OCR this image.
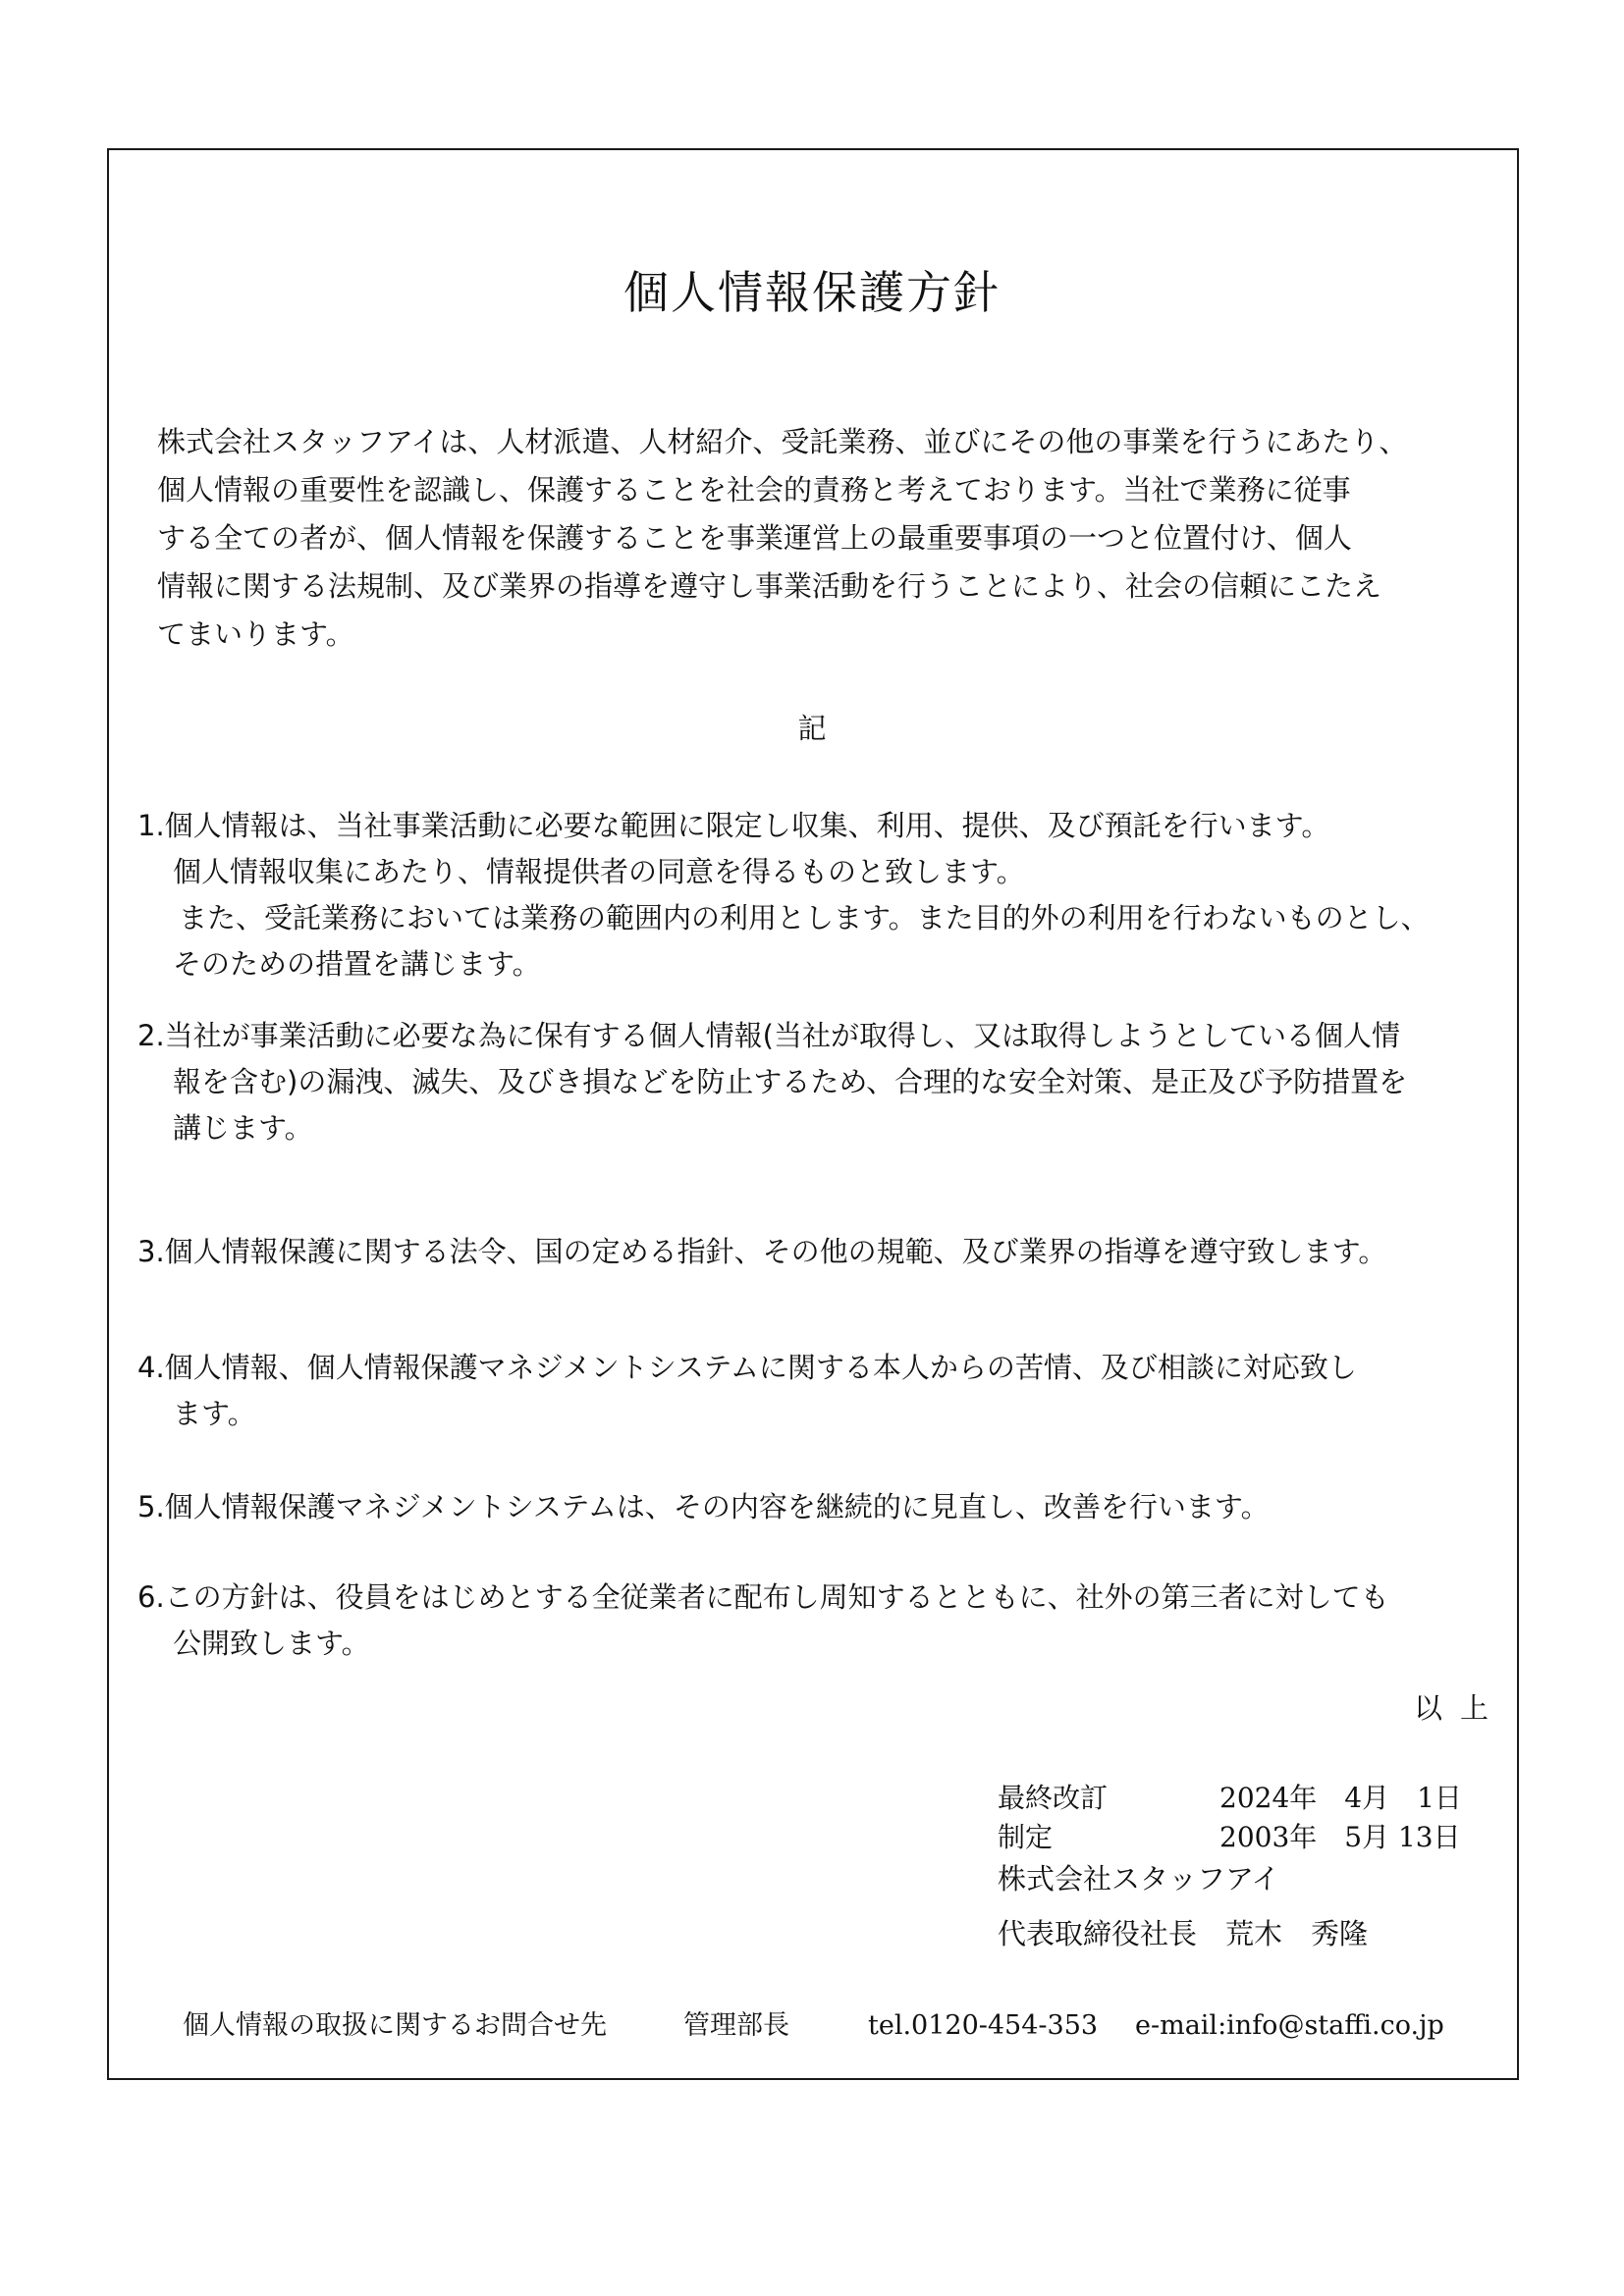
個人情報保護方針
株式会社スタッフアイは、人材派遣、人材紹介、受託業務、並びにその他の事業を行うにあたり、
個人情報の重要性を認識し、保護することを社会的責務と考えております。当社で業務に従事
する全ての者が、個人情報を保護することを事業運営上の最重要事項の一つと位置付け、個人
情報に関する法規制、及び業界の指導を遵守し事業活動を行うことにより、社会の信頼にこたえ
てまいります。
記
1.個人情報は、当社事業活動に必要な範囲に限定し収集、利用、提供、及び預託を行います。
個人情報収集にあたり、情報提供者の同意を得るものと致します。
また、受託業務においては業務の範囲内の利用とします。また目的外の利用を行わないものとし、
そのための措置を講じます。
2.当社が事業活動に必要な為に保有する個人情報(当社が取得し、又は取得しようとしている個人情
報を含む)の漏洩、滅失、及びき損などを防止するため、合理的な安全対策、是正及び予防措置を
講じます。
3.個人情報保護に関する法令、国の定める指針、その他の規範、及び業界の指導を遵守致します。
4.個人情報、個人情報保護マネジメントシステムに関する本人からの苦情、及び相談に対応致し
ます。
5.個人情報保護マネジメントシステムは、その内容を継続的に見直し、改善を行います。
6.この方針は、役員をはじめとする全従業者に配布し周知するとともに、社外の第三者に対しても
公開致します。
以上
最終改訂	2024年　4月　1日
制定	2003年　5月 13日
株式会社スタッフアイ
代表取締役社長　荒木　秀隆
個人情報の取扱に関するお問合せ先	管理部長	tel.0120-454-353 e-mail:info@staffi.co.jp
